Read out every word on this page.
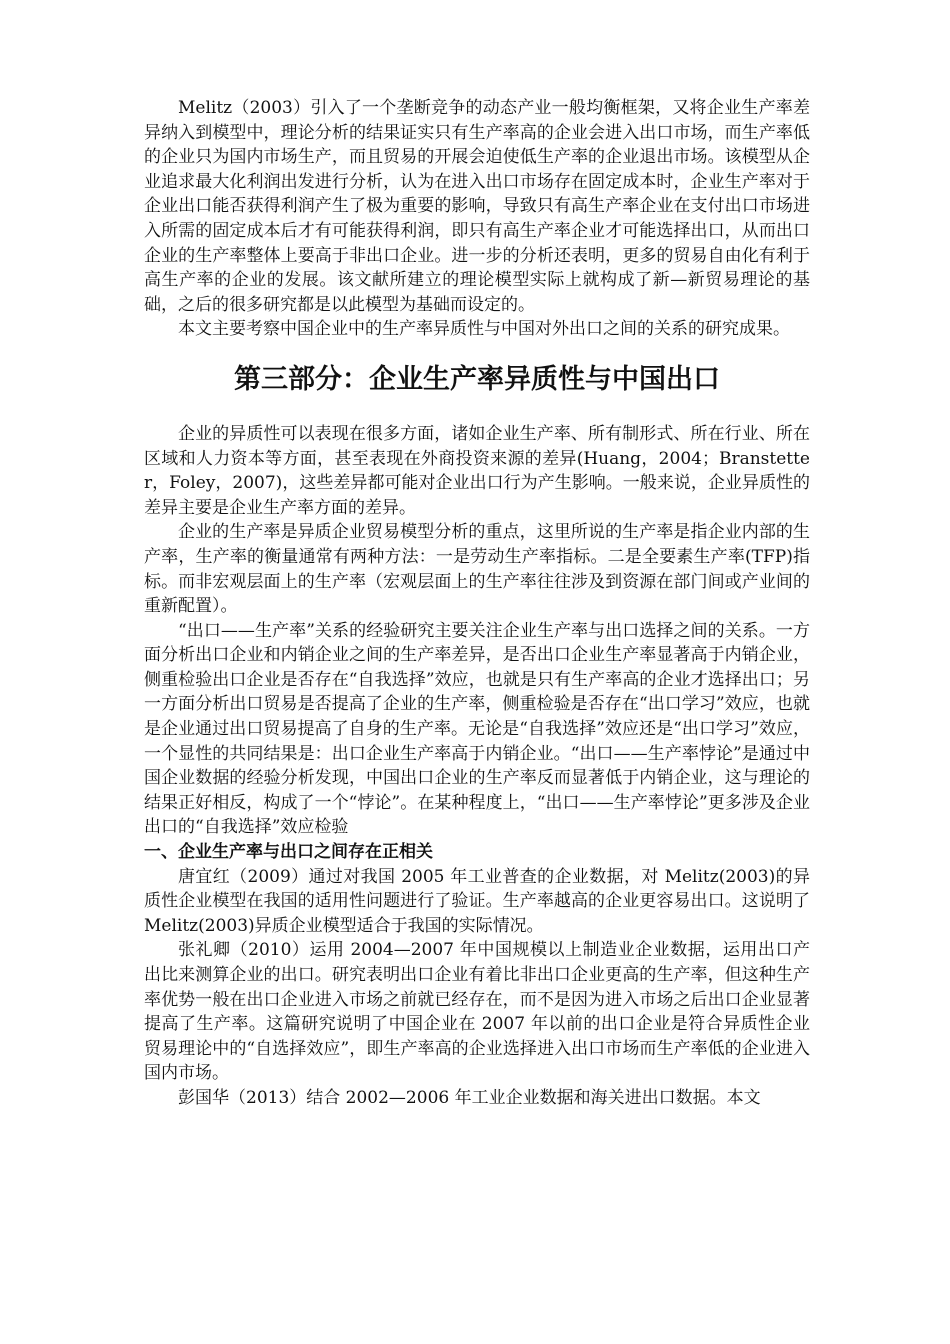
Melitz（2003）引入了一个垄断竞争的动态产业一般均衡框架，又将企业生产率差异纳入到模型中，理论分析的结果证实只有生产率高的企业会进入出口市场，而生产率低的企业只为国内市场生产，而且贸易的开展会迫使低生产率的企业退出市场。该模型从企业追求最大化利润出发进行分析，认为在进入出口市场存在固定成本时，企业生产率对于企业出口能否获得利润产生了极为重要的影响，导致只有高生产率企业在支付出口市场进入所需的固定成本后才有可能获得利润，即只有高生产率企业才可能选择出口，从而出口企业的生产率整体上要高于非出口企业。进一步的分析还表明，更多的贸易自由化有利于高生产率的企业的发展。该文献所建立的理论模型实际上就构成了新—新贸易理论的基础，之后的很多研究都是以此模型为基础而设定的。

本文主要考察中国企业中的生产率异质性与中国对外出口之间的关系的研究成果。

第三部分：企业生产率异质性与中国出口

企业的异质性可以表现在很多方面，诸如企业生产率、所有制形式、所在行业、所在区域和人力资本等方面，甚至表现在外商投资来源的差异(Huang，2004；Branstetter，Foley，2007)，这些差异都可能对企业出口行为产生影响。一般来说，企业异质性的差异主要是企业生产率方面的差异。

企业的生产率是异质企业贸易模型分析的重点，这里所说的生产率是指企业内部的生产率，生产率的衡量通常有两种方法：一是劳动生产率指标。二是全要素生产率(TFP)指标。而非宏观层面上的生产率（宏观层面上的生产率往往涉及到资源在部门间或产业间的重新配置）。

“出口——生产率”关系的经验研究主要关注企业生产率与出口选择之间的关系。一方面分析出口企业和内销企业之间的生产率差异，是否出口企业生产率显著高于内销企业，侧重检验出口企业是否存在“自我选择”效应，也就是只有生产率高的企业才选择出口；另一方面分析出口贸易是否提高了企业的生产率，侧重检验是否存在“出口学习”效应，也就是企业通过出口贸易提高了自身的生产率。无论是“自我选择”效应还是“出口学习”效应，一个显性的共同结果是：出口企业生产率高于内销企业。“出口——生产率悖论”是通过中国企业数据的经验分析发现，中国出口企业的生产率反而显著低于内销企业，这与理论的结果正好相反，构成了一个“悖论”。在某种程度上，“出口——生产率悖论”更多涉及企业出口的“自我选择”效应检验

一、企业生产率与出口之间存在正相关

唐宜红（2009）通过对我国 2005 年工业普查的企业数据，对 Melitz(2003)的异质性企业模型在我国的适用性问题进行了验证。生产率越高的企业更容易出口。这说明了 Melitz(2003)异质企业模型适合于我国的实际情况。

张礼卿（2010）运用 2004—2007 年中国规模以上制造业企业数据，运用出口产出比来测算企业的出口。研究表明出口企业有着比非出口企业更高的生产率，但这种生产率优势一般在出口企业进入市场之前就已经存在，而不是因为进入市场之后出口企业显著提高了生产率。这篇研究说明了中国企业在 2007 年以前的出口企业是符合异质性企业贸易理论中的“自选择效应”，即生产率高的企业选择进入出口市场而生产率低的企业进入国内市场。

彭国华（2013）结合 2002—2006 年工业企业数据和海关进出口数据。本文
